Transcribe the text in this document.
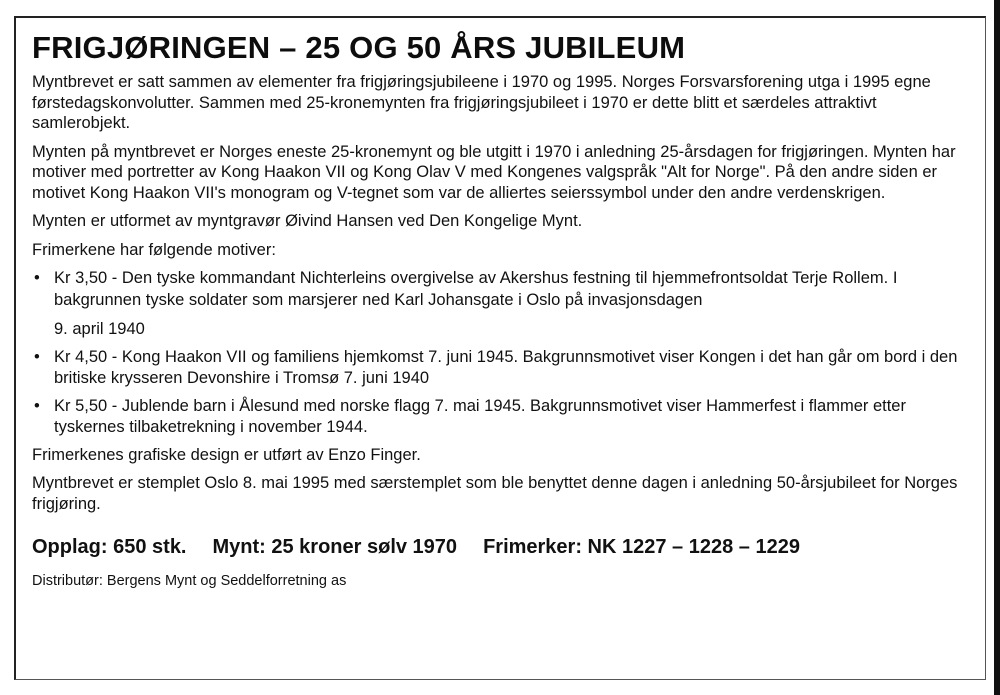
FRIGJØRINGEN – 25 OG 50 ÅRS JUBILEUM

Myntbrevet er satt sammen av elementer fra frigjøringsjubileene i 1970 og 1995. Norges Forsvarsforening utga i 1995 egne førstedagskonvolutter. Sammen med 25-kronemynten fra frigjøringsjubileet i 1970 er dette blitt et særdeles attraktivt samlerobjekt.

Mynten på myntbrevet er Norges eneste 25-kronemynt og ble utgitt i 1970 i anledning 25-årsdagen for frigjøringen. Mynten har motiver med portretter av Kong Haakon VII og Kong Olav V med Kongenes valgspråk "Alt for Norge". På den andre siden er motivet Kong Haakon VII's monogram og V-tegnet som var de alliertes seierssymbol under den andre verdenskrigen.

Mynten er utformet av myntgravør Øivind Hansen ved Den Kongelige Mynt.

Frimerkene har følgende motiver:

• Kr 3,50 - Den tyske kommandant Nichterleins overgivelse av Akershus festning til hjemmefrontsoldat Terje Rollem. I bakgrunnen tyske soldater som marsjerer ned Karl Johansgate i Oslo på invasjonsdagen
9. april 1940
• Kr 4,50 - Kong Haakon VII og familiens hjemkomst 7. juni 1945. Bakgrunnsmotivet viser Kongen i det han går om bord i den britiske krysseren Devonshire i Tromsø 7. juni 1940
• Kr 5,50 - Jublende barn i Ålesund med norske flagg 7. mai 1945. Bakgrunnsmotivet viser Hammerfest i flammer etter tyskernes tilbaketrekning i november 1944.

Frimerkenes grafiske design er utført av Enzo Finger.

Myntbrevet er stemplet Oslo 8. mai 1995 med særstemplet som ble benyttet denne dagen i anledning 50-årsjubileet for Norges frigjøring.

Opplag: 650 stk. Mynt: 25 kroner sølv 1970 Frimerker: NK 1227 – 1228 – 1229
Distributør: Bergens Mynt og Seddelforretning as
